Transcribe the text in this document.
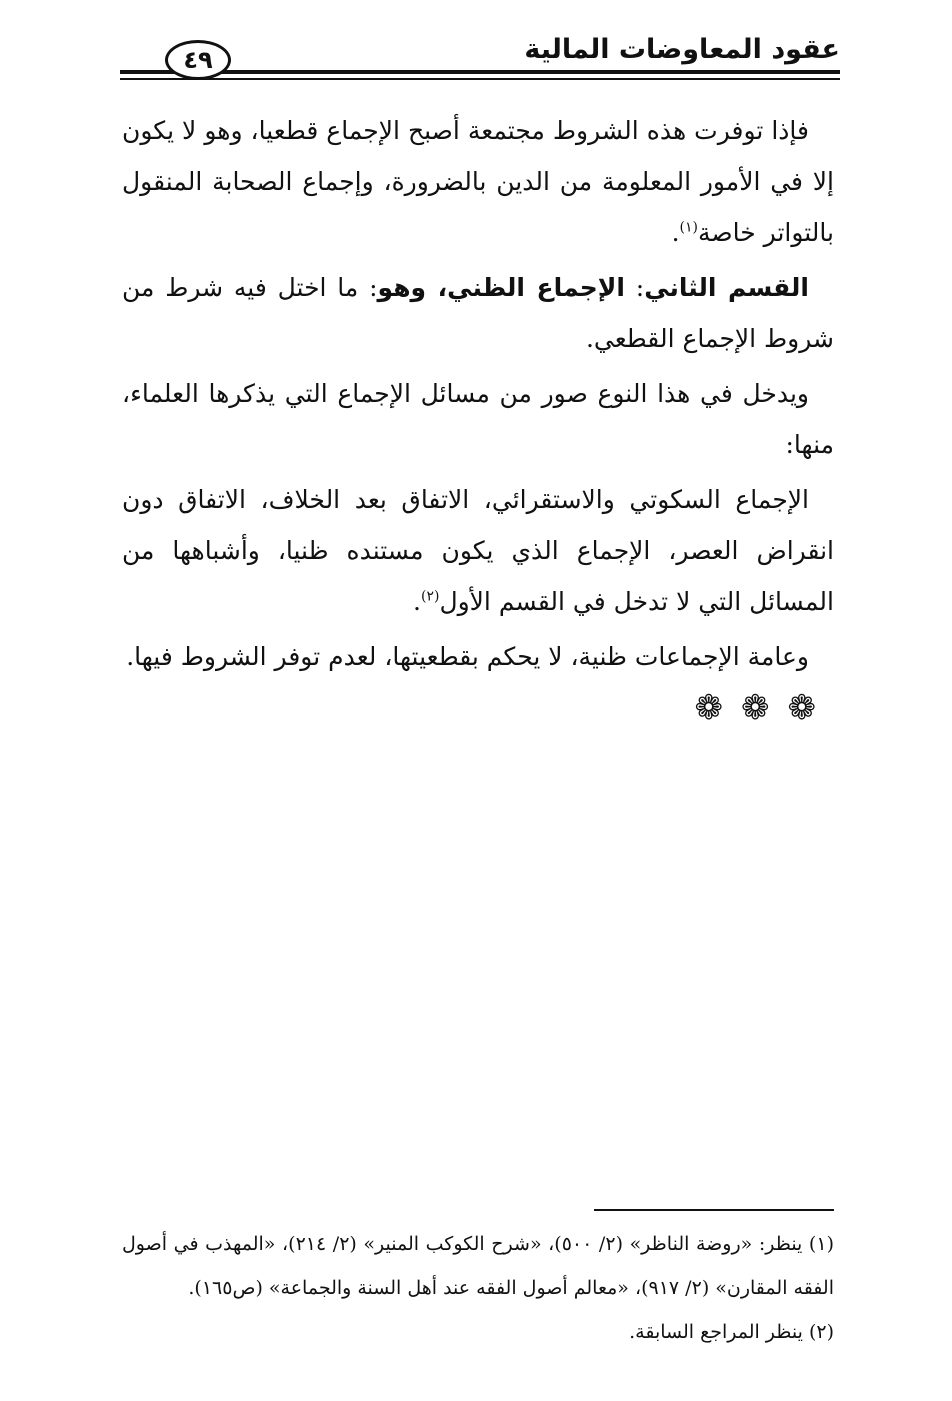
عقود المعاوضات المالية
٤٩

فإذا توفرت هذه الشروط مجتمعة أصبح الإجماع قطعيا، وهو لا يكون إلا في الأمور المعلومة من الدين بالضرورة، وإجماع الصحابة المنقول بالتواتر خاصة$^{(١)}$.

القسم الثاني: الإجماع الظني، وهو: ما اختل فيه شرط من شروط الإجماع القطعي.

ويدخل في هذا النوع صور من مسائل الإجماع التي يذكرها العلماء، منها:

الإجماع السكوتي والاستقرائي، الاتفاق بعد الخلاف، الاتفاق دون انقراض العصر، الإجماع الذي يكون مستنده ظنيا، وأشباهها من المسائل التي لا تدخل في القسم الأول$^{(٢)}$.

وعامة الإجماعات ظنية، لا يحكم بقطعيتها، لعدم توفر الشروط فيها.

❁❁❁

(١) ينظر: «روضة الناظر» (٢/ ٥٠٠)، «شرح الكوكب المنير» (٢/ ٢١٤)، «المهذب في أصول الفقه المقارن» (٢/ ٩١٧)، «معالم أصول الفقه عند أهل السنة والجماعة» (ص١٦٥).

(٢) ينظر المراجع السابقة.
